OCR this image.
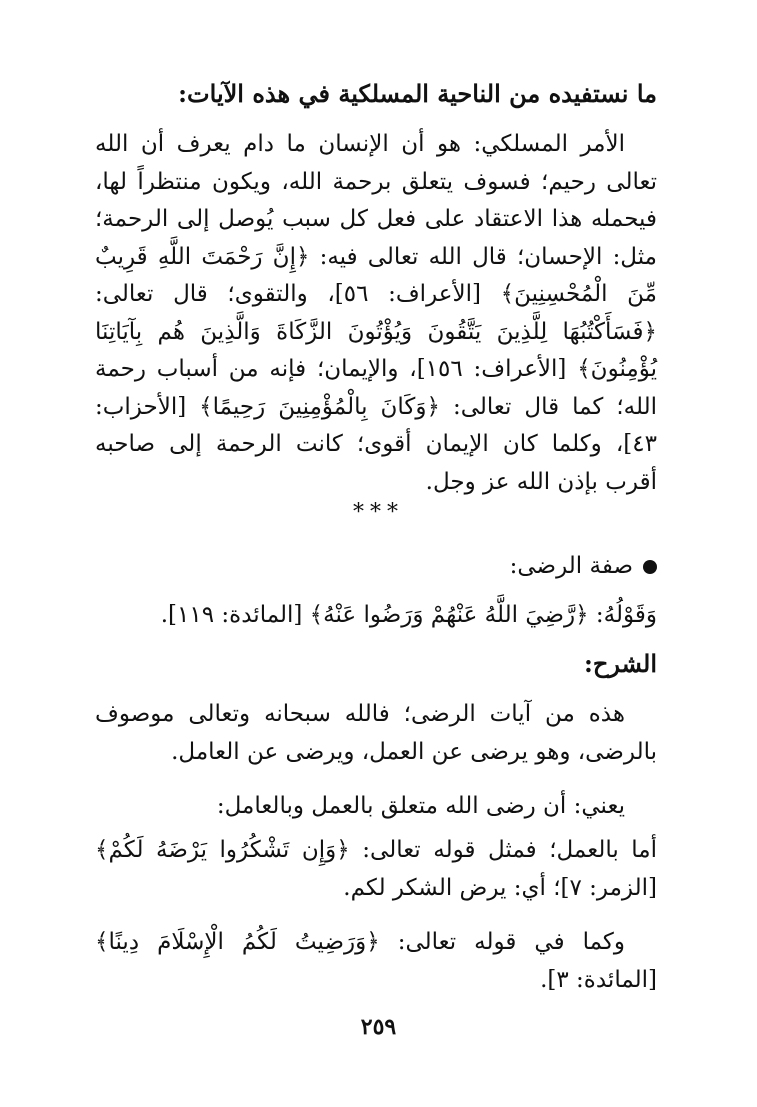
ما نستفيده من الناحية المسلكية في هذه الآيات:
الأمر المسلكي: هو أن الإنسان ما دام يعرف أن الله تعالى رحيم؛ فسوف يتعلق برحمة الله، ويكون منتظراً لها، فيحمله هذا الاعتقاد على فعل كل سبب يُوصل إلى الرحمة؛ مثل: الإحسان؛ قال الله تعالى فيه: ﴿إِنَّ رَحْمَتَ اللَّهِ قَرِيبٌ مِّنَ الْمُحْسِنِينَ﴾ [الأعراف: ٥٦]، والتقوى؛ قال تعالى: ﴿فَسَأَكْتُبُهَا لِلَّذِينَ يَتَّقُونَ وَيُؤْتُونَ الزَّكَاةَ وَالَّذِينَ هُم بِآيَاتِنَا يُؤْمِنُونَ﴾ [الأعراف: ١٥٦]، والإيمان؛ فإنه من أسباب رحمة الله؛ كما قال تعالى: ﴿وَكَانَ بِالْمُؤْمِنِينَ رَحِيمًا﴾ [الأحزاب: ٤٣]، وكلما كان الإيمان أقوى؛ كانت الرحمة إلى صاحبه أقرب بإذن الله عز وجل.
***
صفة الرضى:
وَقَوْلُهُ: ﴿رَّضِيَ اللَّهُ عَنْهُمْ وَرَضُوا عَنْهُ﴾ [المائدة: ١١٩].
الشرح:
هذه من آيات الرضى؛ فالله سبحانه وتعالى موصوف بالرضى، وهو يرضى عن العمل، ويرضى عن العامل.
يعني: أن رضى الله متعلق بالعمل وبالعامل:
أما بالعمل؛ فمثل قوله تعالى: ﴿وَإِن تَشْكُرُوا يَرْضَهُ لَكُمْ﴾ [الزمر: ٧]؛ أي: يرض الشكر لكم.
وكما في قوله تعالى: ﴿وَرَضِيتُ لَكُمُ الْإِسْلَامَ دِينًا﴾ [المائدة: ٣].
٢٥٩
